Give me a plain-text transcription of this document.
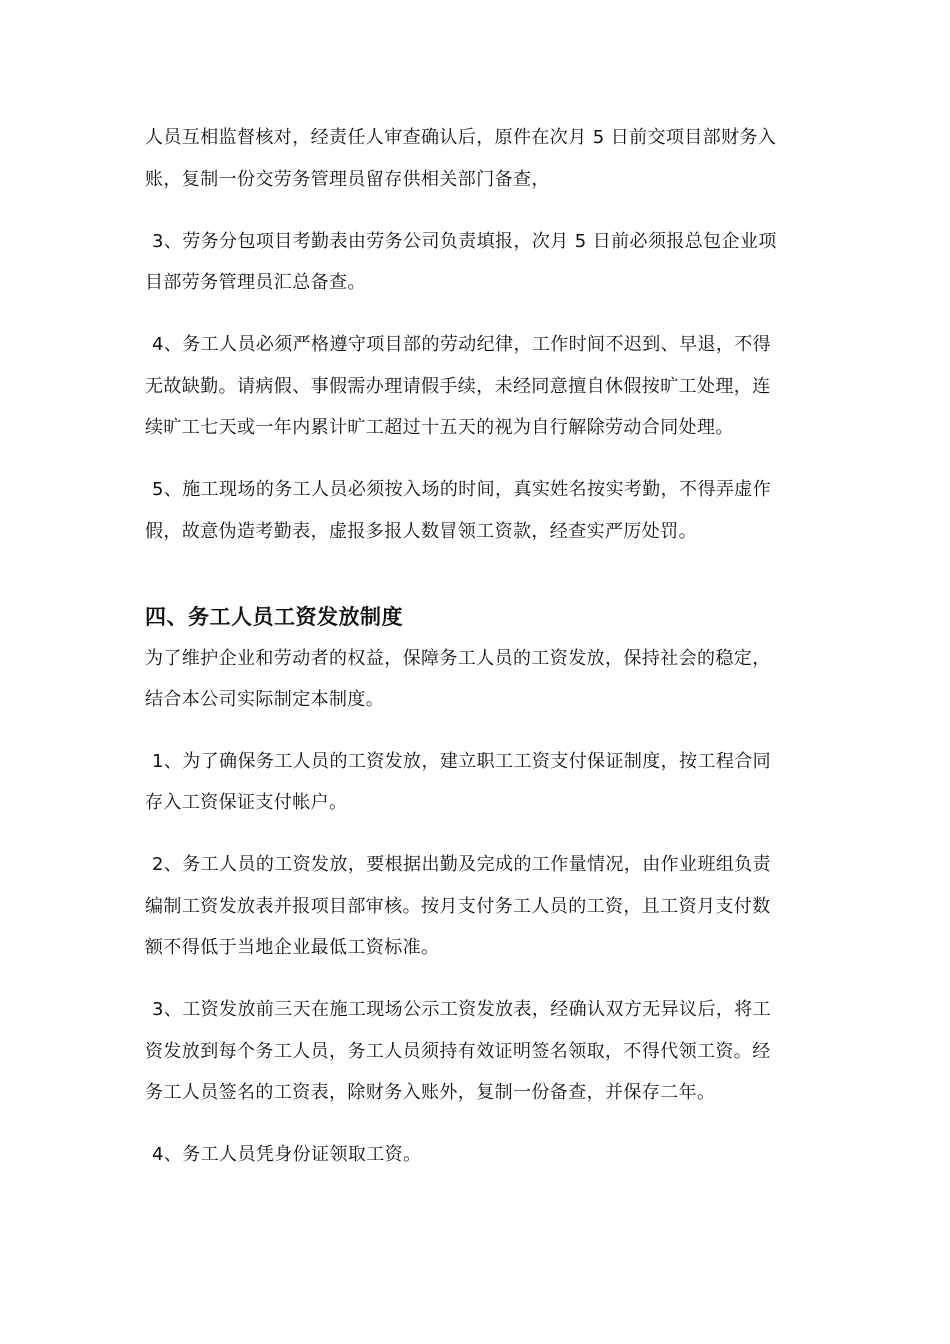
人员互相监督核对，经责任人审查确认后，原件在次月 5 日前交项目部财务入
账，复制一份交劳务管理员留存供相关部门备查，
3、劳务分包项目考勤表由劳务公司负责填报，次月 5 日前必须报总包企业项
目部劳务管理员汇总备查。
4、务工人员必须严格遵守项目部的劳动纪律，工作时间不迟到、早退，不得
无故缺勤。请病假、事假需办理请假手续，未经同意擅自休假按旷工处理，连
续旷工七天或一年内累计旷工超过十五天的视为自行解除劳动合同处理。
5、施工现场的务工人员必须按入场的时间，真实姓名按实考勤，不得弄虚作
假，故意伪造考勤表，虚报多报人数冒领工资款，经查实严厉处罚。
四、务工人员工资发放制度
为了维护企业和劳动者的权益，保障务工人员的工资发放，保持社会的稳定，
结合本公司实际制定本制度。
1、为了确保务工人员的工资发放，建立职工工资支付保证制度，按工程合同
存入工资保证支付帐户。
2、务工人员的工资发放，要根据出勤及完成的工作量情况，由作业班组负责
编制工资发放表并报项目部审核。按月支付务工人员的工资，且工资月支付数
额不得低于当地企业最低工资标准。
3、工资发放前三天在施工现场公示工资发放表，经确认双方无异议后，将工
资发放到每个务工人员，务工人员须持有效证明签名领取，不得代领工资。经
务工人员签名的工资表，除财务入账外，复制一份备查，并保存二年。
4、务工人员凭身份证领取工资。
